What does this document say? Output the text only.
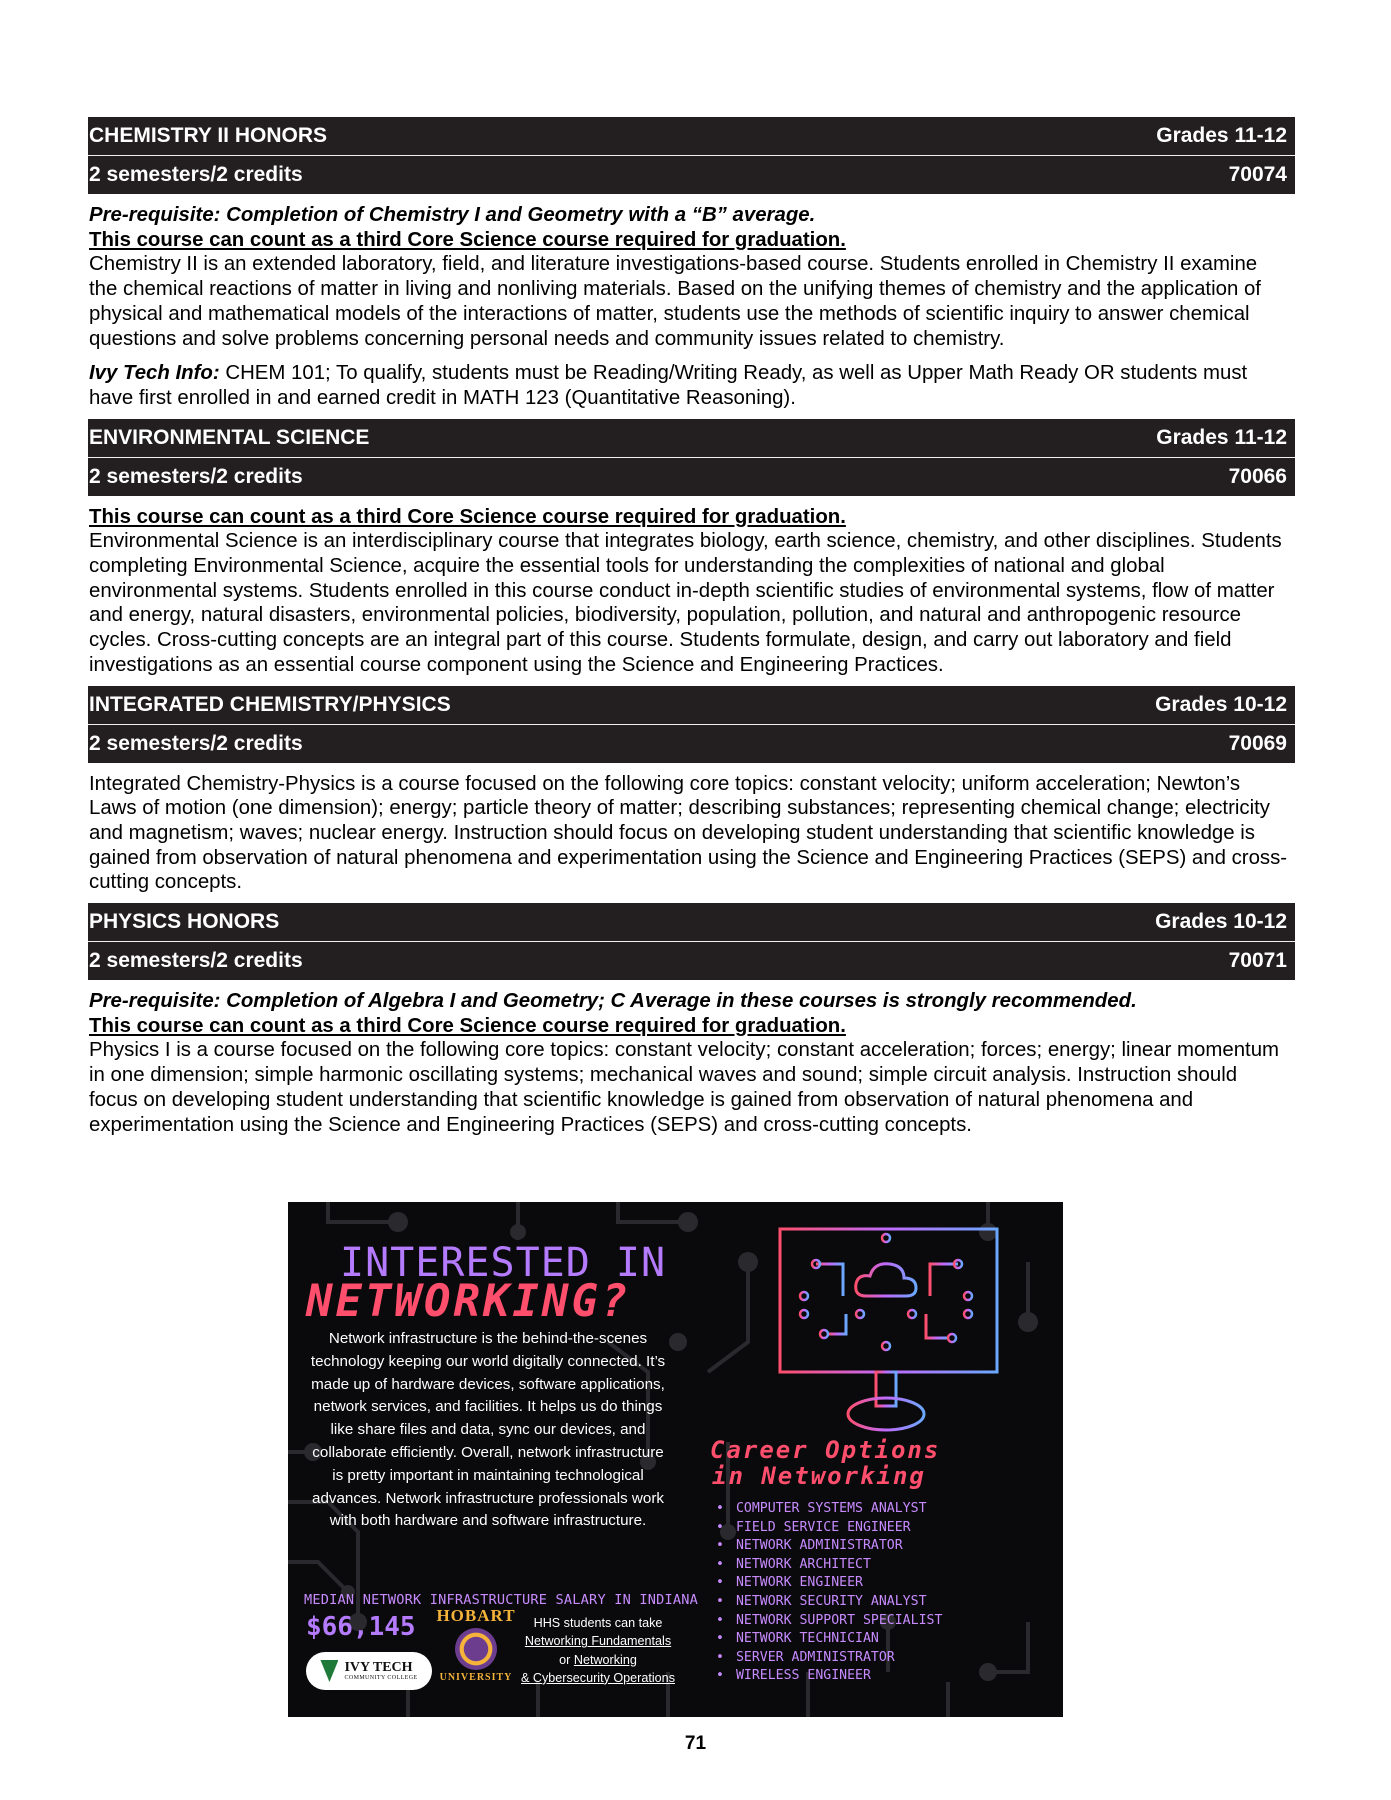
CHEMISTRY II HONORS	Grades 11-12
2 semesters/2 credits	70074

Pre-requisite: Completion of Chemistry I and Geometry with a “B” average.

This course can count as a third Core Science course required for graduation.

Chemistry II is an extended laboratory, field, and literature investigations-based course. Students enrolled in Chemistry II examine the chemical reactions of matter in living and nonliving materials. Based on the unifying themes of chemistry and the application of physical and mathematical models of the interactions of matter, students use the methods of scientific inquiry to answer chemical questions and solve problems concerning personal needs and community issues related to chemistry.

Ivy Tech Info: CHEM 101; To qualify, students must be Reading/Writing Ready, as well as Upper Math Ready OR students must have first enrolled in and earned credit in MATH 123 (Quantitative Reasoning).

ENVIRONMENTAL SCIENCE	Grades 11-12
2 semesters/2 credits	70066

This course can count as a third Core Science course required for graduation.

Environmental Science is an interdisciplinary course that integrates biology, earth science, chemistry, and other disciplines. Students completing Environmental Science, acquire the essential tools for understanding the complexities of national and global environmental systems. Students enrolled in this course conduct in-depth scientific studies of environmental systems, flow of matter and energy, natural disasters, environmental policies, biodiversity, population, pollution, and natural and anthropogenic resource cycles. Cross-cutting concepts are an integral part of this course. Students formulate, design, and carry out laboratory and field investigations as an essential course component using the Science and Engineering Practices.

INTEGRATED CHEMISTRY/PHYSICS	Grades 10-12
2 semesters/2 credits	70069

Integrated Chemistry-Physics is a course focused on the following core topics: constant velocity; uniform acceleration; Newton’s Laws of motion (one dimension); energy; particle theory of matter; describing substances; representing chemical change; electricity and magnetism; waves; nuclear energy. Instruction should focus on developing student understanding that scientific knowledge is gained from observation of natural phenomena and experimentation using the Science and Engineering Practices (SEPS) and cross-cutting concepts.

PHYSICS HONORS	Grades 10-12
2 semesters/2 credits	70071

Pre-requisite: Completion of Algebra I and Geometry; C Average in these courses is strongly recommended.

This course can count as a third Core Science course required for graduation.

Physics I is a course focused on the following core topics: constant velocity; constant acceleration; forces; energy; linear momentum in one dimension; simple harmonic oscillating systems; mechanical waves and sound; simple circuit analysis. Instruction should focus on developing student understanding that scientific knowledge is gained from observation of natural phenomena and experimentation using the Science and Engineering Practices (SEPS) and cross-cutting concepts.

INTERESTED IN
NETWORKING?
Network infrastructure is the behind-the-scenes technology keeping our world digitally connected. It’s made up of hardware devices, software applications, network services, and facilities. It helps us do things like share files and data, sync our devices, and collaborate efficiently. Overall, network infrastructure is pretty important in maintaining technological advances. Network infrastructure professionals work with both hardware and software infrastructure.
MEDIAN NETWORK INFRASTRUCTURE SALARY IN INDIANA
$66,145
IVY TECH
COMMUNITY COLLEGE
HOBART
UNIVERSITY
HHS students can take
Networking Fundamentals
or Networking
& Cybersecurity Operations
Career Options
in Networking
• COMPUTER SYSTEMS ANALYST
• FIELD SERVICE ENGINEER
• NETWORK ADMINISTRATOR
• NETWORK ARCHITECT
• NETWORK ENGINEER
• NETWORK SECURITY ANALYST
• NETWORK SUPPORT SPECIALIST
• NETWORK TECHNICIAN
• SERVER ADMINISTRATOR
• WIRELESS ENGINEER
71
